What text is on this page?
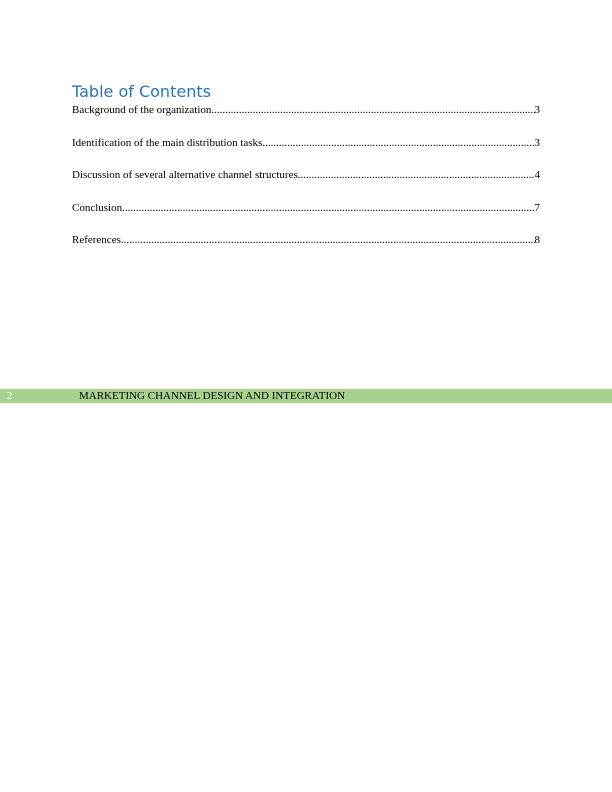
Table of Contents
Background of the organization .....	3
Identification of the main distribution tasks .....	3
Discussion of several alternative channel structures .....	4
Conclusion .....	7
References .....	8
2	MARKETING CHANNEL DESIGN AND INTEGRATION
